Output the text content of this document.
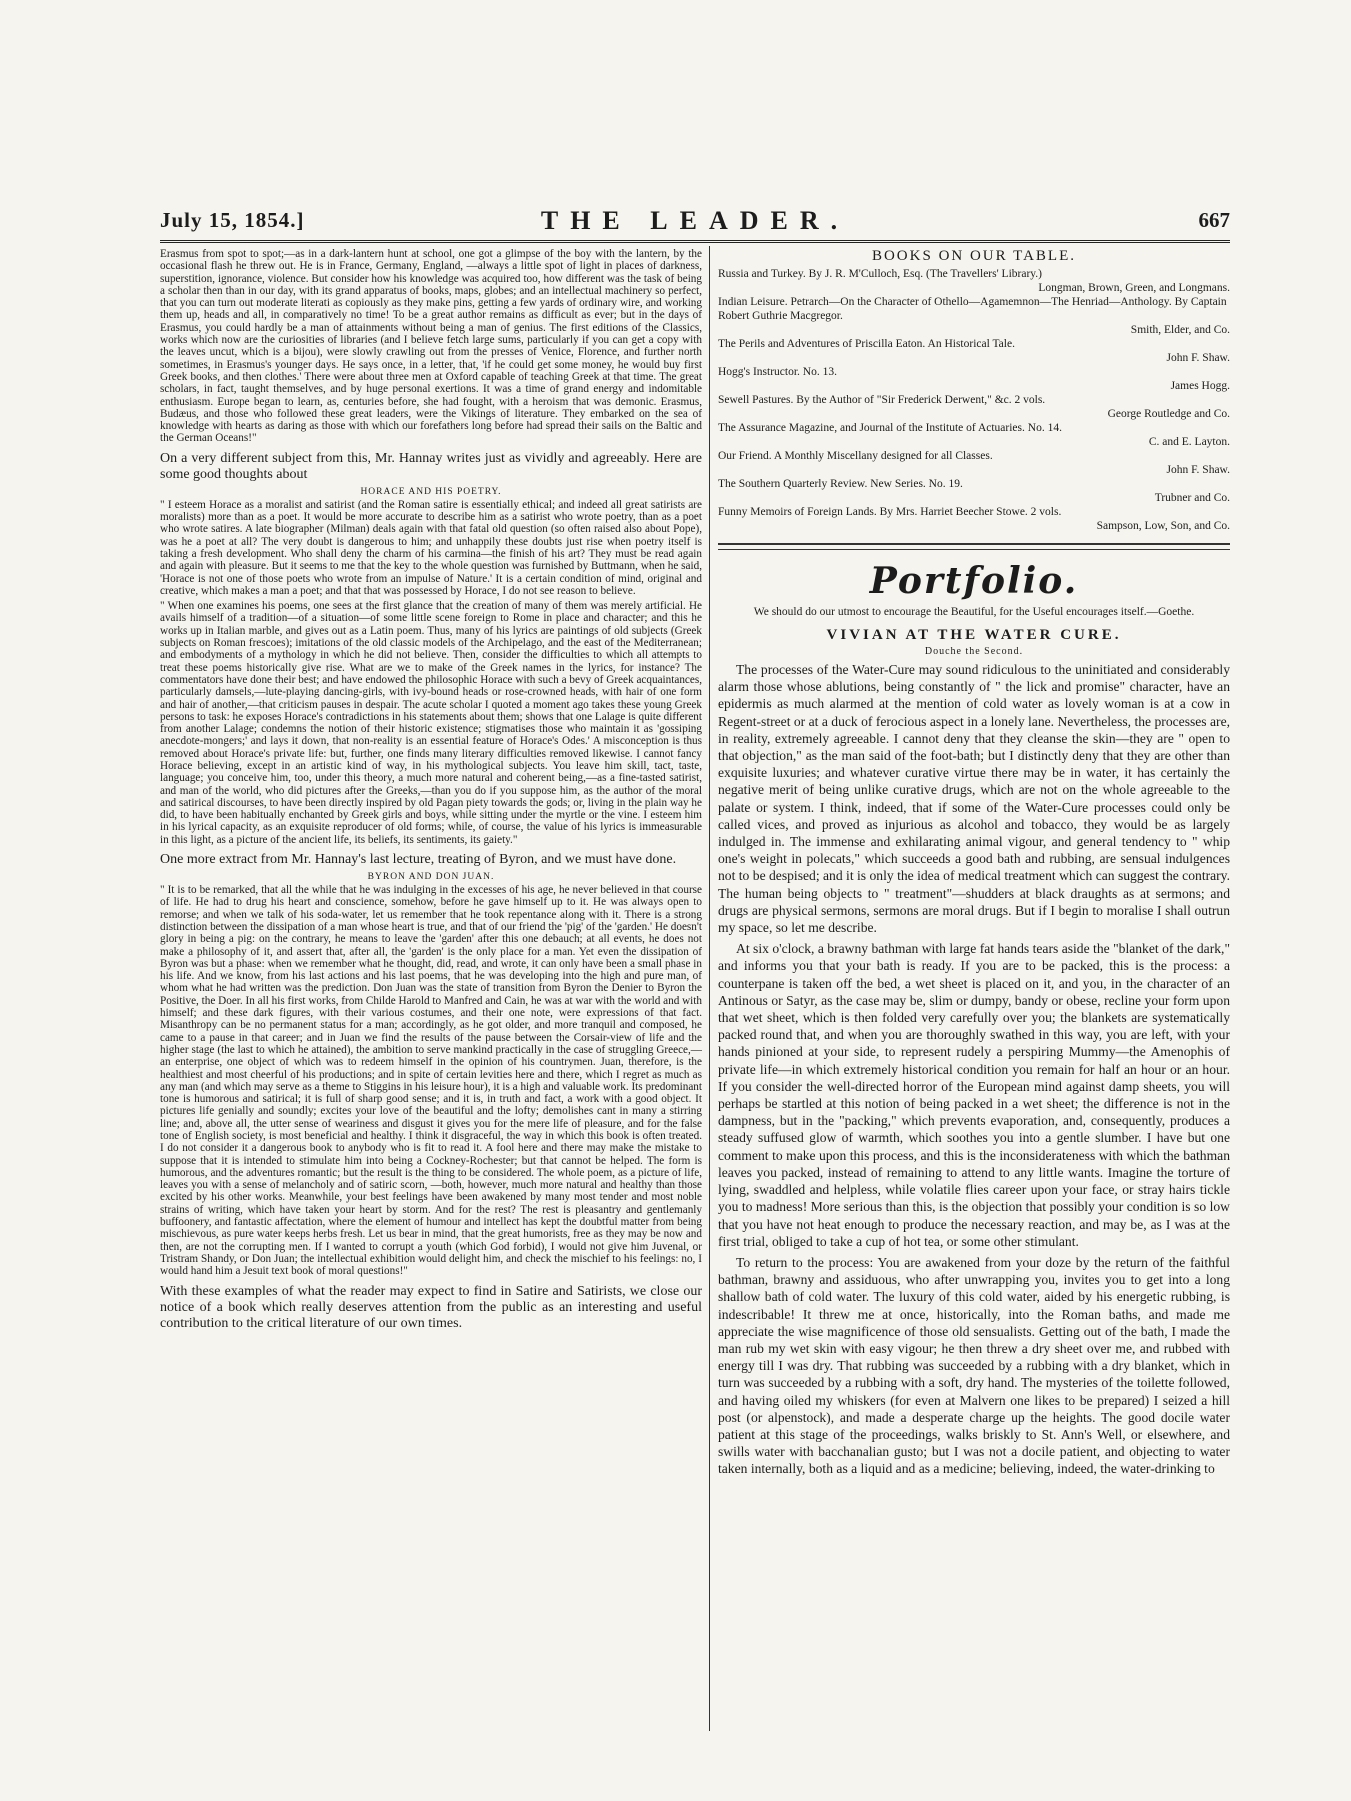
July 15, 1854.]	THE LEADER.	667

Erasmus from spot to spot;—as in a dark-lantern hunt at school, one got a glimpse of the boy with the lantern, by the occasional flash he threw out. He is in France, Germany, England, —always a little spot of light in places of darkness, superstition, ignorance, violence. But consider how his knowledge was acquired too, how different was the task of being a scholar then than in our day, with its grand apparatus of books, maps, globes; and an intellectual machinery so perfect, that you can turn out moderate literati as copiously as they make pins, getting a few yards of ordinary wire, and working them up, heads and all, in comparatively no time! To be a great author remains as difficult as ever; but in the days of Erasmus, you could hardly be a man of attainments without being a man of genius. The first editions of the Classics, works which now are the curiosities of libraries (and I believe fetch large sums, particularly if you can get a copy with the leaves uncut, which is a bijou), were slowly crawling out from the presses of Venice, Florence, and further north sometimes, in Erasmus's younger days. He says once, in a letter, that, 'if he could get some money, he would buy first Greek books, and then clothes.' There were about three men at Oxford capable of teaching Greek at that time. The great scholars, in fact, taught themselves, and by huge personal exertions. It was a time of grand energy and indomitable enthusiasm. Europe began to learn, as, centuries before, she had fought, with a heroism that was demonic. Erasmus, Budæus, and those who followed these great leaders, were the Vikings of literature. They embarked on the sea of knowledge with hearts as daring as those with which our forefathers long before had spread their sails on the Baltic and the German Oceans!"

On a very different subject from this, Mr. Hannay writes just as vividly and agreeably. Here are some good thoughts about
HORACE AND HIS POETRY.

" I esteem Horace as a moralist and satirist (and the Roman satire is essentially ethical; and indeed all great satirists are moralists) more than as a poet. It would be more accurate to describe him as a satirist who wrote poetry, than as a poet who wrote satires. A late biographer (Milman) deals again with that fatal old question (so often raised also about Pope), was he a poet at all? The very doubt is dangerous to him; and unhappily these doubts just rise when poetry itself is taking a fresh development. Who shall deny the charm of his carmina—the finish of his art? They must be read again and again with pleasure. But it seems to me that the key to the whole question was furnished by Buttmann, when he said, 'Horace is not one of those poets who wrote from an impulse of Nature.' It is a certain condition of mind, original and creative, which makes a man a poet; and that that was possessed by Horace, I do not see reason to believe.

" When one examines his poems, one sees at the first glance that the creation of many of them was merely artificial. He avails himself of a tradition—of a situation—of some little scene foreign to Rome in place and character; and this he works up in Italian marble, and gives out as a Latin poem. Thus, many of his lyrics are paintings of old subjects (Greek subjects on Roman frescoes); imitations of the old classic models of the Archipelago, and the east of the Mediterranean; and embodyments of a mythology in which he did not believe. Then, consider the difficulties to which all attempts to treat these poems historically give rise. What are we to make of the Greek names in the lyrics, for instance? The commentators have done their best; and have endowed the philosophic Horace with such a bevy of Greek acquaintances, particularly damsels,—lute-playing dancing-girls, with ivy-bound heads or rose-crowned heads, with hair of one form and hair of another,—that criticism pauses in despair. The acute scholar I quoted a moment ago takes these young Greek persons to task: he exposes Horace's contradictions in his statements about them; shows that one Lalage is quite different from another Lalage; condemns the notion of their historic existence; stigmatises those who maintain it as 'gossiping anecdote-mongers;' and lays it down, that non-reality is an essential feature of Horace's Odes.' A misconception is thus removed about Horace's private life: but, further, one finds many literary difficulties removed likewise. I cannot fancy Horace believing, except in an artistic kind of way, in his mythological subjects. You leave him skill, tact, taste, language; you conceive him, too, under this theory, a much more natural and coherent being,—as a fine-tasted satirist, and man of the world, who did pictures after the Greeks,—than you do if you suppose him, as the author of the moral and satirical discourses, to have been directly inspired by old Pagan piety towards the gods; or, living in the plain way he did, to have been habitually enchanted by Greek girls and boys, while sitting under the myrtle or the vine. I esteem him in his lyrical capacity, as an exquisite reproducer of old forms; while, of course, the value of his lyrics is immeasurable in this light, as a picture of the ancient life, its beliefs, its sentiments, its gaiety."

One more extract from Mr. Hannay's last lecture, treating of Byron, and we must have done.
BYRON AND DON JUAN.

" It is to be remarked, that all the while that he was indulging in the excesses of his age, he never believed in that course of life. He had to drug his heart and conscience, somehow, before he gave himself up to it. He was always open to remorse; and when we talk of his soda-water, let us remember that he took repentance along with it. There is a strong distinction between the dissipation of a man whose heart is true, and that of our friend the 'pig' of the 'garden.' He doesn't glory in being a pig: on the contrary, he means to leave the 'garden' after this one debauch; at all events, he does not make a philosophy of it, and assert that, after all, the 'garden' is the only place for a man. Yet even the dissipation of Byron was but a phase: when we remember what he thought, did, read, and wrote, it can only have been a small phase in his life. And we know, from his last actions and his last poems, that he was developing into the high and pure man, of whom what he had written was the prediction. Don Juan was the state of transition from Byron the Denier to Byron the Positive, the Doer. In all his first works, from Childe Harold to Manfred and Cain, he was at war with the world and with himself; and these dark figures, with their various costumes, and their one note, were expressions of that fact. Misanthropy can be no permanent status for a man; accordingly, as he got older, and more tranquil and composed, he came to a pause in that career; and in Juan we find the results of the pause between the Corsair-view of life and the higher stage (the last to which he attained), the ambition to serve mankind practically in the case of struggling Greece,—an enterprise, one object of which was to redeem himself in the opinion of his countrymen. Juan, therefore, is the healthiest and most cheerful of his productions; and in spite of certain levities here and there, which I regret as much as any man (and which may serve as a theme to Stiggins in his leisure hour), it is a high and valuable work. Its predominant tone is humorous and satirical; it is full of sharp good sense; and it is, in truth and fact, a work with a good object. It pictures life genially and soundly; excites your love of the beautiful and the lofty; demolishes cant in many a stirring line; and, above all, the utter sense of weariness and disgust it gives you for the mere life of pleasure, and for the false tone of English society, is most beneficial and healthy. I think it disgraceful, the way in which this book is often treated. I do not consider it a dangerous book to anybody who is fit to read it. A fool here and there may make the mistake to suppose that it is intended to stimulate him into being a Cockney-Rochester; but that cannot be helped. The form is humorous, and the adventures romantic; but the result is the thing to be considered. The whole poem, as a picture of life, leaves you with a sense of melancholy and of satiric scorn, —both, however, much more natural and healthy than those excited by his other works. Meanwhile, your best feelings have been awakened by many most tender and most noble strains of writing, which have taken your heart by storm. And for the rest? The rest is pleasantry and gentlemanly buffoonery, and fantastic affectation, where the element of humour and intellect has kept the doubtful matter from being mischievous, as pure water keeps herbs fresh. Let us bear in mind, that the great humorists, free as they may be now and then, are not the corrupting men. If I wanted to corrupt a youth (which God forbid), I would not give him Juvenal, or Tristram Shandy, or Don Juan; the intellectual exhibition would delight him, and check the mischief to his feelings: no, I would hand him a Jesuit text book of moral questions!"

With these examples of what the reader may expect to find in Satire and Satirists, we close our notice of a book which really deserves attention from the public as an interesting and useful contribution to the critical literature of our own times.
BOOKS ON OUR TABLE.
Russia and Turkey. By J. R. M'Culloch, Esq. (The Travellers' Library.)
Longman, Brown, Green, and Longmans.
Indian Leisure. Petrarch—On the Character of Othello—Agamemnon—The Henriad—Anthology. By Captain Robert Guthrie Macgregor.
Smith, Elder, and Co.
The Perils and Adventures of Priscilla Eaton. An Historical Tale.
John F. Shaw.
Hogg's Instructor. No. 13.
James Hogg.
Sewell Pastures. By the Author of "Sir Frederick Derwent," &c. 2 vols.
George Routledge and Co.
The Assurance Magazine, and Journal of the Institute of Actuaries. No. 14.
C. and E. Layton.
Our Friend. A Monthly Miscellany designed for all Classes.
John F. Shaw.
The Southern Quarterly Review. New Series. No. 19.
Trubner and Co.
Funny Memoirs of Foreign Lands. By Mrs. Harriet Beecher Stowe. 2 vols.
Sampson, Low, Son, and Co.
Portfolio.
We should do our utmost to encourage the Beautiful, for the Useful encourages itself.—Goethe.
VIVIAN AT THE WATER CURE.
Douche the Second.

The processes of the Water-Cure may sound ridiculous to the uninitiated and considerably alarm those whose ablutions, being constantly of " the lick and promise" character, have an epidermis as much alarmed at the mention of cold water as lovely woman is at a cow in Regent-street or at a duck of ferocious aspect in a lonely lane. Nevertheless, the processes are, in reality, extremely agreeable. I cannot deny that they cleanse the skin—they are " open to that objection," as the man said of the foot-bath; but I distinctly deny that they are other than exquisite luxuries; and whatever curative virtue there may be in water, it has certainly the negative merit of being unlike curative drugs, which are not on the whole agreeable to the palate or system. I think, indeed, that if some of the Water-Cure processes could only be called vices, and proved as injurious as alcohol and tobacco, they would be as largely indulged in. The immense and exhilarating animal vigour, and general tendency to " whip one's weight in polecats," which succeeds a good bath and rubbing, are sensual indulgences not to be despised; and it is only the idea of medical treatment which can suggest the contrary. The human being objects to " treatment"—shudders at black draughts as at sermons; and drugs are physical sermons, sermons are moral drugs. But if I begin to moralise I shall outrun my space, so let me describe.

At six o'clock, a brawny bathman with large fat hands tears aside the "blanket of the dark," and informs you that your bath is ready. If you are to be packed, this is the process: a counterpane is taken off the bed, a wet sheet is placed on it, and you, in the character of an Antinous or Satyr, as the case may be, slim or dumpy, bandy or obese, recline your form upon that wet sheet, which is then folded very carefully over you; the blankets are systematically packed round that, and when you are thoroughly swathed in this way, you are left, with your hands pinioned at your side, to represent rudely a perspiring Mummy—the Amenophis of private life—in which extremely historical condition you remain for half an hour or an hour. If you consider the well-directed horror of the European mind against damp sheets, you will perhaps be startled at this notion of being packed in a wet sheet; the difference is not in the dampness, but in the "packing," which prevents evaporation, and, consequently, produces a steady suffused glow of warmth, which soothes you into a gentle slumber. I have but one comment to make upon this process, and this is the inconsiderateness with which the bathman leaves you packed, instead of remaining to attend to any little wants. Imagine the torture of lying, swaddled and helpless, while volatile flies career upon your face, or stray hairs tickle you to madness! More serious than this, is the objection that possibly your condition is so low that you have not heat enough to produce the necessary reaction, and may be, as I was at the first trial, obliged to take a cup of hot tea, or some other stimulant.

To return to the process: You are awakened from your doze by the return of the faithful bathman, brawny and assiduous, who after unwrapping you, invites you to get into a long shallow bath of cold water. The luxury of this cold water, aided by his energetic rubbing, is indescribable! It threw me at once, historically, into the Roman baths, and made me appreciate the wise magnificence of those old sensualists. Getting out of the bath, I made the man rub my wet skin with easy vigour; he then threw a dry sheet over me, and rubbed with energy till I was dry. That rubbing was succeeded by a rubbing with a dry blanket, which in turn was succeeded by a rubbing with a soft, dry hand. The mysteries of the toilette followed, and having oiled my whiskers (for even at Malvern one likes to be prepared) I seized a hill post (or alpenstock), and made a desperate charge up the heights. The good docile water patient at this stage of the proceedings, walks briskly to St. Ann's Well, or elsewhere, and swills water with bacchanalian gusto; but I was not a docile patient, and objecting to water taken internally, both as a liquid and as a medicine; believing, indeed, the water-drinking to
